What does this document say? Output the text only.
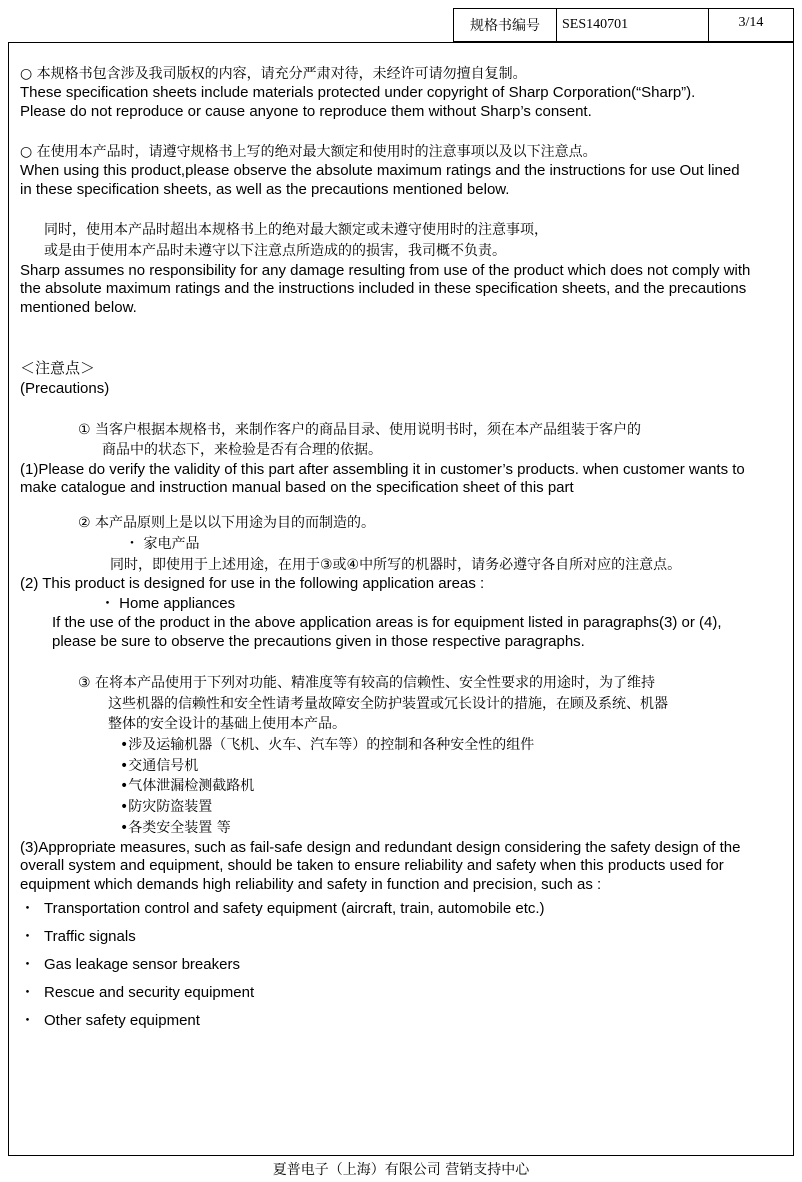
规格书编号	SES140701	3/14
○ 本规格书包含涉及我司版权的内容，请充分严肃对待，未经许可请勿擅自复制。
These specification sheets include materials protected under copyright of Sharp Corporation(“Sharp”).
Please do not reproduce or cause anyone to reproduce them without Sharp’s consent.
○ 在使用本产品时，请遵守规格书上写的绝对最大额定和使用时的注意事项以及以下注意点。
When using this product,please observe the absolute maximum ratings and the instructions for use Out lined
in these specification sheets, as well as the precautions mentioned below.
同时，使用本产品时超出本规格书上的绝对最大额定或未遵守使用时的注意事项，
或是由于使用本产品时未遵守以下注意点所造成的的损害，我司概不负责。
Sharp assumes no responsibility for any damage resulting from use of the product which does not comply with
the absolute maximum ratings and the instructions included in these specification sheets, and the precautions
mentioned below.
＜注意点＞
(Precautions)
① 当客户根据本规格书，来制作客户的商品目录、使用说明书时，须在本产品组装于客户的
商品中的状态下，来检验是否有合理的依据。
(1)Please do verify the validity of this part after assembling it in customer’s products. when customer wants to
make catalogue and instruction manual based on the specification sheet of this part
② 本产品原则上是以以下用途为目的而制造的。
・ 家电产品
同时，即使用于上述用途，在用于③或④中所写的机器时，请务必遵守各自所对应的注意点。
(2) This product is designed for use in the following application areas :
・ Home appliances
If the use of the product in the above application areas is for equipment listed in paragraphs(3) or (4),
please be sure to observe the precautions given in those respective paragraphs.
③ 在将本产品使用于下列对功能、精准度等有较高的信赖性、安全性要求的用途时，为了维持
这些机器的信赖性和安全性请考量故障安全防护装置或冗长设计的措施，在顾及系统、机器
整体的安全设计的基础上使用本产品。
•涉及运输机器（飞机、火车、汽车等）的控制和各种安全性的组件
•交通信号机
•气体泄漏检测截路机
•防灾防盗装置
•各类安全装置 等
(3)Appropriate measures, such as fail-safe design and redundant design considering the safety design of the
overall system and equipment, should be taken to ensure reliability and safety when this products used for
equipment which demands high reliability and safety in function and precision, such as :
・ Transportation control and safety equipment (aircraft, train, automobile etc.)
・ Traffic signals
・ Gas leakage sensor breakers
・ Rescue and security equipment
・ Other safety equipment
夏普电子（上海）有限公司 营销支持中心
